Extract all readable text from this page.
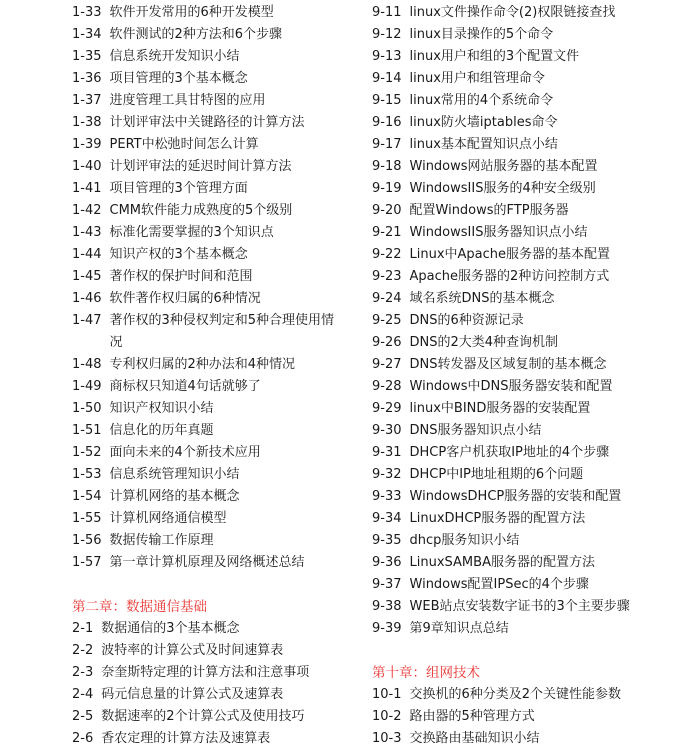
1-33 软件开发常用的6种开发模型
1-34 软件测试的2种方法和6个步骤
1-35 信息系统开发知识小结
1-36 项目管理的3个基本概念
1-37 进度管理工具甘特图的应用
1-38 计划评审法中关键路径的计算方法
1-39 PERT中松弛时间怎么计算
1-40 计划评审法的延迟时间计算方法
1-41 项目管理的3个管理方面
1-42 CMM软件能力成熟度的5个级别
1-43 标准化需要掌握的3个知识点
1-44 知识产权的3个基本概念
1-45 著作权的保护时间和范围
1-46 软件著作权归属的6种情况
1-47 著作权的3种侵权判定和5种合理使用情况
1-48 专利权归属的2种办法和4种情况
1-49 商标权只知道4句话就够了
1-50 知识产权知识小结
1-51 信息化的历年真题
1-52 面向未来的4个新技术应用
1-53 信息系统管理知识小结
1-54 计算机网络的基本概念
1-55 计算机网络通信模型
1-56 数据传输工作原理
1-57 第一章计算机原理及网络概述总结
第二章：数据通信基础
2-1 数据通信的3个基本概念
2-2 波特率的计算公式及时间速算表
2-3 奈奎斯特定理的计算方法和注意事项
2-4 码元信息量的计算公式及速算表
2-5 数据速率的2个计算公式及使用技巧
2-6 香农定理的计算方法及速算表
9-11 linux文件操作命令(2)权限链接查找
9-12 linux目录操作的5个命令
9-13 linux用户和组的3个配置文件
9-14 linux用户和组管理命令
9-15 linux常用的4个系统命令
9-16 linux防火墙iptables命令
9-17 linux基本配置知识点小结
9-18 Windows网站服务器的基本配置
9-19 WindowsIIS服务的4种安全级别
9-20 配置Windows的FTP服务器
9-21 WindowsIIS服务器知识点小结
9-22 Linux中Apache服务器的基本配置
9-23 Apache服务器的2种访问控制方式
9-24 域名系统DNS的基本概念
9-25 DNS的6种资源记录
9-26 DNS的2大类4种查询机制
9-27 DNS转发器及区域复制的基本概念
9-28 Windows中DNS服务器安装和配置
9-29 linux中BIND服务器的安装配置
9-30 DNS服务器知识点小结
9-31 DHCP客户机获取IP地址的4个步骤
9-32 DHCP中IP地址租期的6个问题
9-33 WindowsDHCP服务器的安装和配置
9-34 LinuxDHCP服务器的配置方法
9-35 dhcp服务知识小结
9-36 LinuxSAMBA服务器的配置方法
9-37 Windows配置IPSec的4个步骤
9-38 WEB站点安装数字证书的3个主要步骤
9-39 第9章知识点总结
第十章：组网技术
10-1 交换机的6种分类及2个关键性能参数
10-2 路由器的5种管理方式
10-3 交换路由基础知识小结
